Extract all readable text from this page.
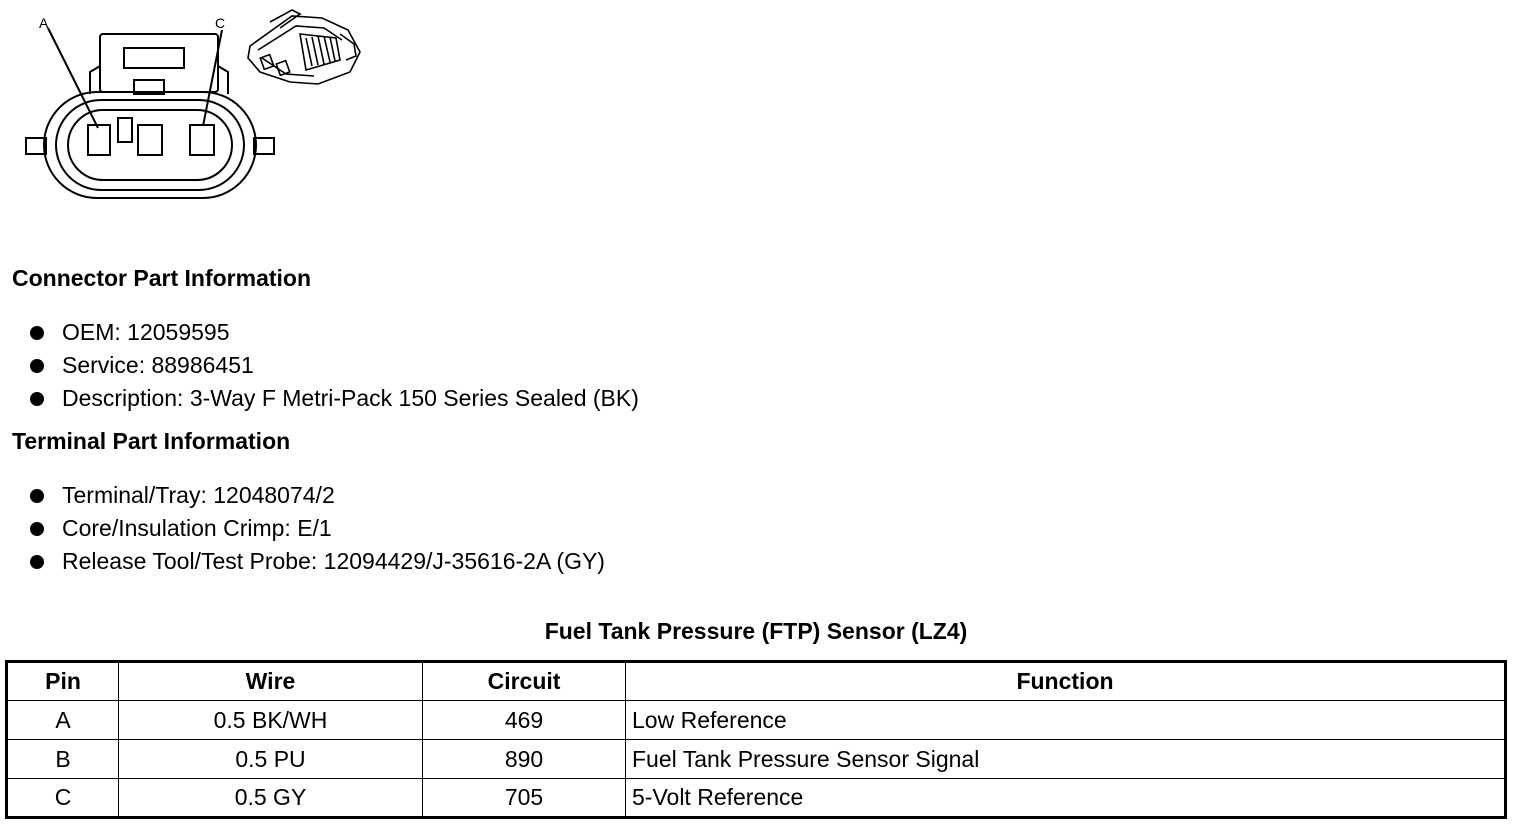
A	C
Connector Part Information
OEM: 12059595
Service: 88986451
Description: 3-Way F Metri-Pack 150 Series Sealed (BK)
Terminal Part Information
Terminal/Tray: 12048074/2
Core/Insulation Crimp: E/1
Release Tool/Test Probe: 12094429/J-35616-2A (GY)
Fuel Tank Pressure (FTP) Sensor (LZ4)
Pin	Wire	Circuit	Function
A	0.5 BK/WH	469	Low Reference
B	0.5 PU	890	Fuel Tank Pressure Sensor Signal
C	0.5 GY	705	5-Volt Reference
